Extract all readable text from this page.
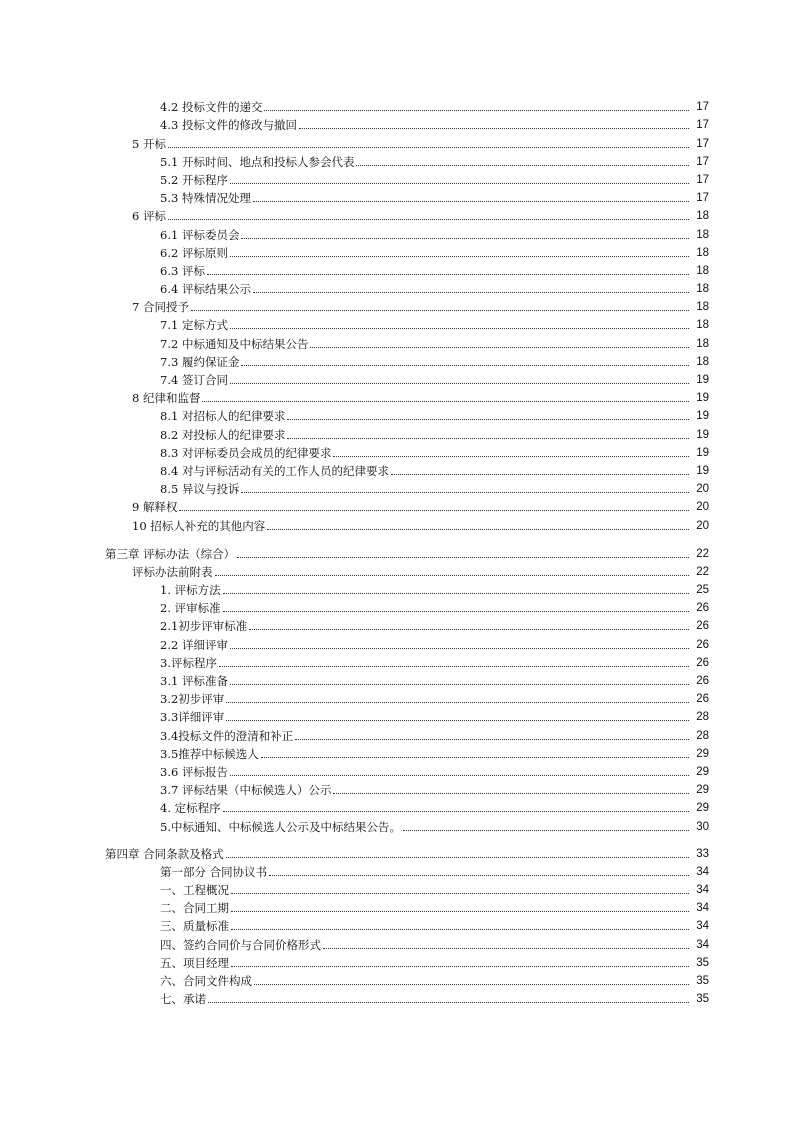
4.2 投标文件的递交	17
4.3 投标文件的修改与撤回	17
5 开标	17
5.1 开标时间、地点和投标人参会代表	17
5.2 开标程序	17
5.3 特殊情况处理	17
6 评标	18
6.1 评标委员会	18
6.2 评标原则	18
6.3 评标	18
6.4 评标结果公示	18
7 合同授予	18
7.1 定标方式	18
7.2 中标通知及中标结果公告	18
7.3 履约保证金	18
7.4 签订合同	19
8 纪律和监督	19
8.1 对招标人的纪律要求	19
8.2 对投标人的纪律要求	19
8.3 对评标委员会成员的纪律要求	19
8.4 对与评标活动有关的工作人员的纪律要求	19
8.5 异议与投诉	20
9 解释权	20
10 招标人补充的其他内容	20
第三章 评标办法（综合）	22
评标办法前附表	22
1. 评标方法	25
2. 评审标准	26
2.1初步评审标准	26
2.2 详细评审	26
3.评标程序	26
3.1 评标准备	26
3.2初步评审	26
3.3详细评审	28
3.4投标文件的澄清和补正	28
3.5推荐中标候选人	29
3.6 评标报告	29
3.7 评标结果（中标候选人）公示	29
4. 定标程序	29
5.中标通知、中标候选人公示及中标结果公告。	30
第四章 合同条款及格式	33
第一部分 合同协议书	34
一、工程概况	34
二、合同工期	34
三、质量标准	34
四、签约合同价与合同价格形式	34
五、项目经理	35
六、合同文件构成	35
七、承诺	35
